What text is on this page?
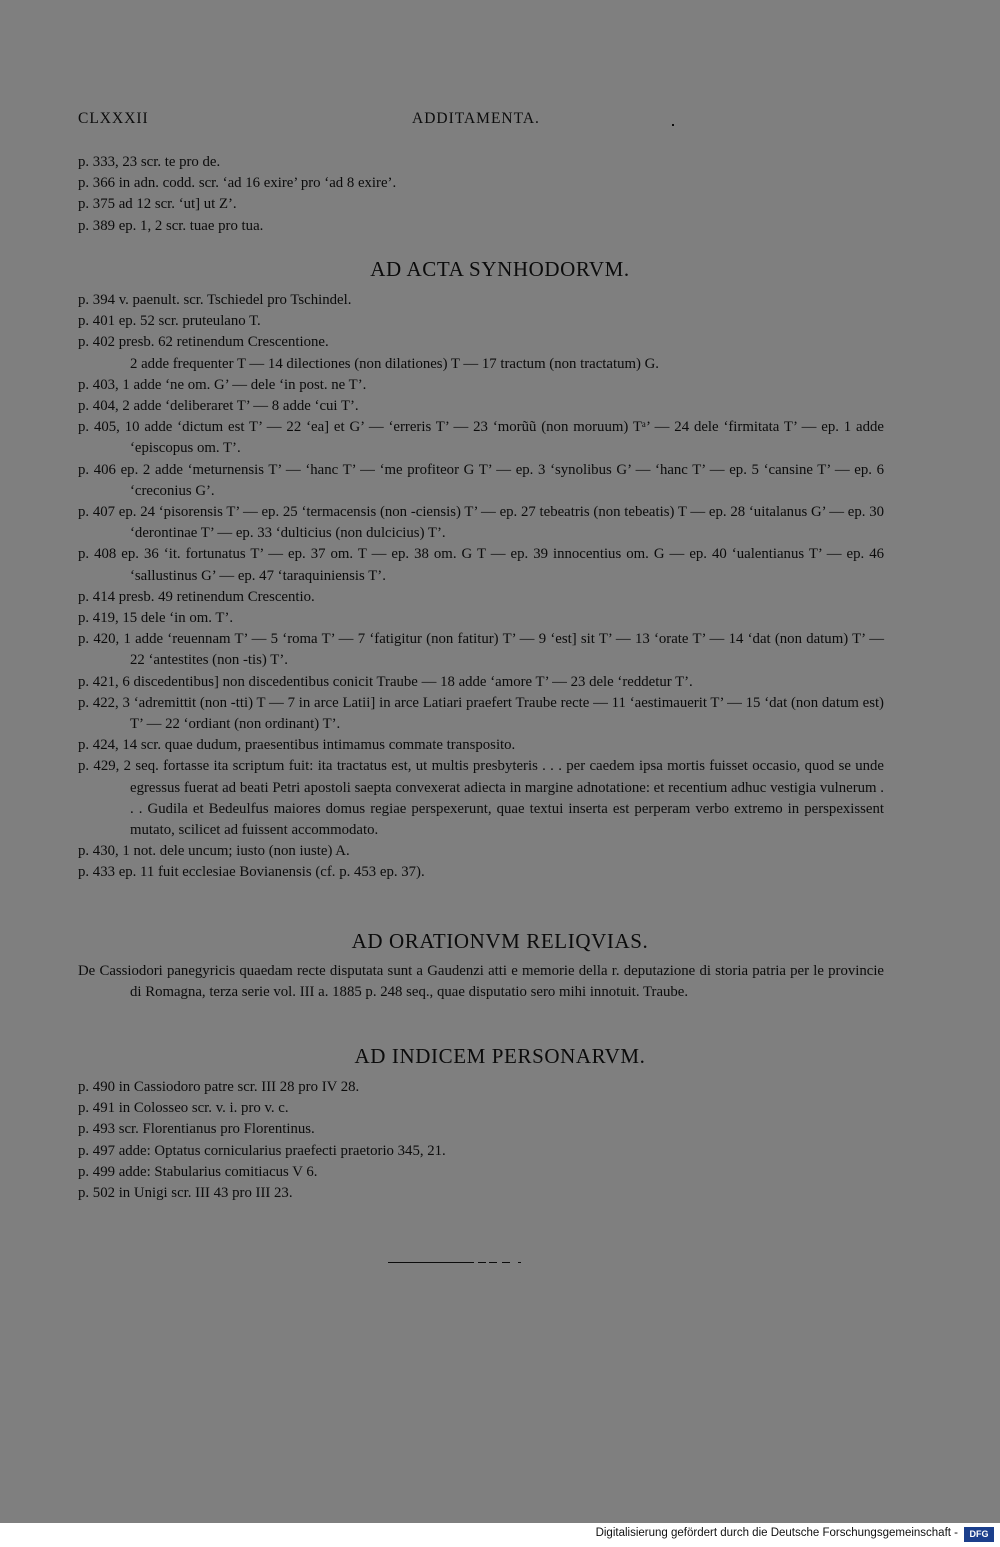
CLXXXII	ADDITAMENTA.

p. 333, 23 scr. te pro de.

p. 366 in adn. codd. scr. ‘ad 16 exire’ pro ‘ad 8 exire’.

p. 375 ad 12 scr. ‘ut] ut Z’.

p. 389 ep. 1, 2 scr. tuae pro tua.

AD ACTA SYNHODORVM.

p. 394 v. paenult. scr. Tschiedel pro Tschindel.

p. 401 ep. 52 scr. pruteulano T.

p. 402 presb. 62 retinendum Crescentione.

2 adde frequenter T — 14 dilectiones (non dilationes) T — 17 tractum (non tractatum) G.

p. 403, 1 adde ‘ne om. G’ — dele ‘in post. ne T’.

p. 404, 2 adde ‘deliberaret T’ — 8 adde ‘cui T’.

p. 405, 10 adde ‘dictum est T’ — 22 ‘ea] et G’ — ‘erreris T’ — 23 ‘morũũ (non moruum) Tᵃ’ — 24 dele ‘firmitata T’ — ep. 1 adde ‘episcopus om. T’.

p. 406 ep. 2 adde ‘meturnensis T’ — ‘hanc T’ — ‘me profiteor G T’ — ep. 3 ‘synolibus G’ — ‘hanc T’ — ep. 5 ‘cansine T’ — ep. 6 ‘creconius G’.

p. 407 ep. 24 ‘pisorensis T’ — ep. 25 ‘termacensis (non -ciensis) T’ — ep. 27 tebeatris (non tebeatis) T — ep. 28 ‘uitalanus G’ — ep. 30 ‘derontinae T’ — ep. 33 ‘dulticius (non dulcicius) T’.

p. 408 ep. 36 ‘it. fortunatus T’ — ep. 37 om. T — ep. 38 om. G T — ep. 39 innocentius om. G — ep. 40 ‘ualentianus T’ — ep. 46 ‘sallustinus G’ — ep. 47 ‘taraquiniensis T’.

p. 414 presb. 49 retinendum Crescentio.

p. 419, 15 dele ‘in om. T’.

p. 420, 1 adde ‘reuennam T’ — 5 ‘roma T’ — 7 ‘fatigitur (non fatitur) T’ — 9 ‘est] sit T’ — 13 ‘orate T’ — 14 ‘dat (non datum) T’ — 22 ‘antestites (non -tis) T’.

p. 421, 6 discedentibus] non discedentibus conicit Traube — 18 adde ‘amore T’ — 23 dele ‘reddetur T’.

p. 422, 3 ‘adremittit (non -tti) T — 7 in arce Latii] in arce Latiari praefert Traube recte — 11 ‘aestimauerit T’ — 15 ‘dat (non datum est) T’ — 22 ‘ordiant (non ordinant) T’.

p. 424, 14 scr. quae dudum, praesentibus intimamus commate transposito.

p. 429, 2 seq. fortasse ita scriptum fuit: ita tractatus est, ut multis presbyteris . . . per caedem ipsa mortis fuisset occasio, quod se unde egressus fuerat ad beati Petri apostoli saepta convexerat adiecta in margine adnotatione: et recentium adhuc vestigia vulnerum . . . Gudila et Bedeulfus maiores domus regiae perspexerunt, quae textui inserta est perperam verbo extremo in perspexissent mutato, scilicet ad fuissent accommodato.

p. 430, 1 not. dele uncum; iusto (non iuste) A.

p. 433 ep. 11 fuit ecclesiae Bovianensis (cf. p. 453 ep. 37).

AD ORATIONVM RELIQVIAS.
De Cassiodori panegyricis quaedam recte disputata sunt a Gaudenzi atti e memorie della r. deputazione di storia patria per le provincie di Romagna, terza serie vol. III a. 1885 p. 248 seq., quae disputatio sero mihi innotuit. Traube.
AD INDICEM PERSONARVM.

p. 490 in Cassiodoro patre scr. III 28 pro IV 28.

p. 491 in Colosseo scr. v. i. pro v. c.

p. 493 scr. Florentianus pro Florentinus.

p. 497 adde: Optatus cornicularius praefecti praetorio 345, 21.

p. 499 adde: Stabularius comitiacus V 6.

p. 502 in Unigi scr. III 43 pro III 23.

Digitalisierung gefördert durch die Deutsche Forschungsgemeinschaft -	DFG
